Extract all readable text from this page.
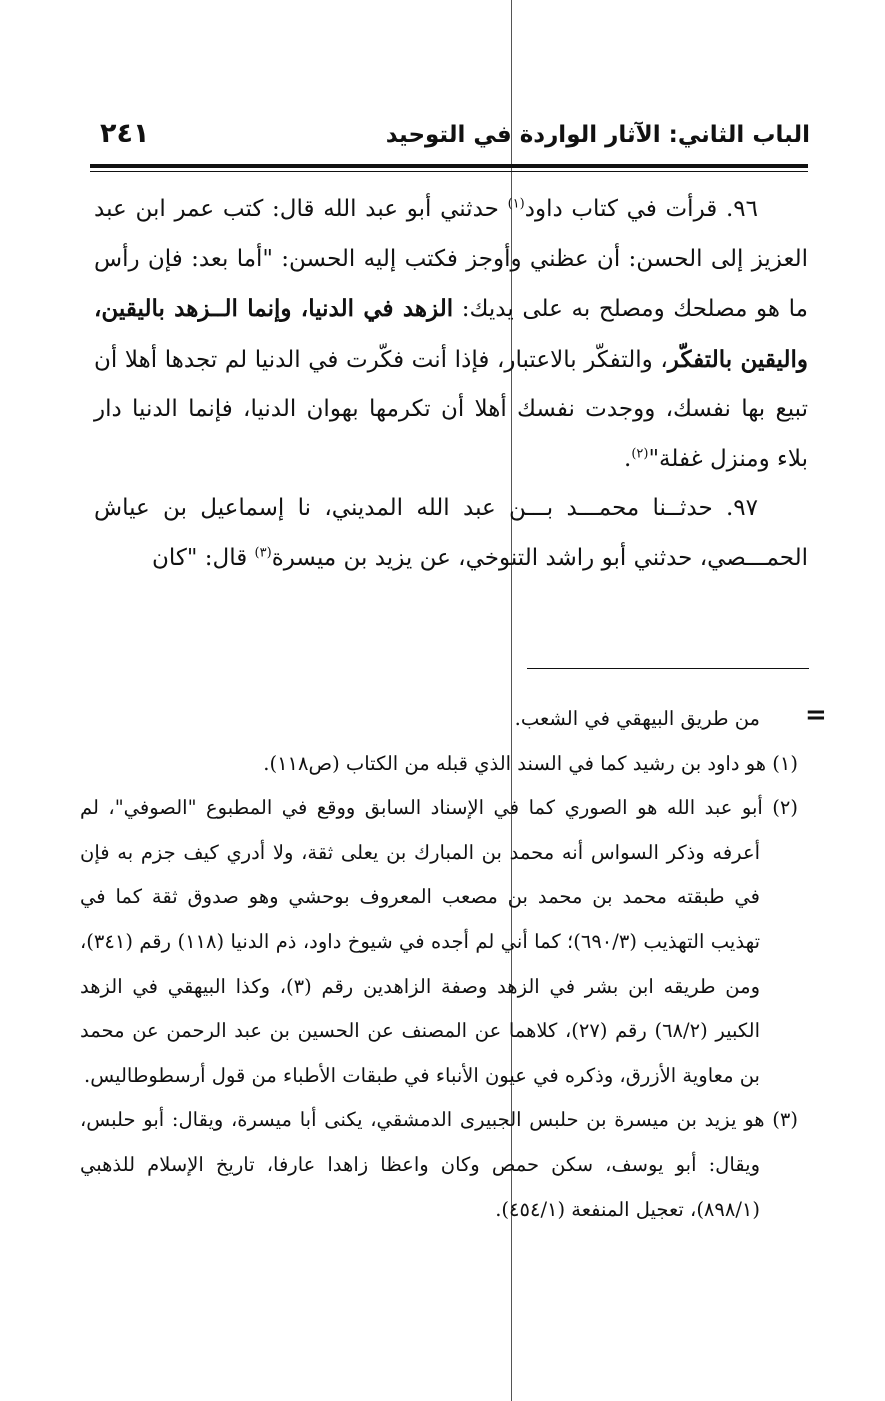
٢٤١	الباب الثاني: الآثار الواردة في التوحيد

٩٦. قرأت في كتاب داود$^{(١)}$ حدثني أبو عبد الله قال: كتب عمر ابن عبد العزيز إلى الحسن: أن عظني وأوجز فكتب إليه الحسن: "أما بعد: فإن رأس ما هو مصلحك ومصلح به على يديك: الزهد في الدنيا، وإنما الــزهد باليقين، واليقين بالتفكّر، والتفكّر بالاعتبار، فإذا أنت فكّرت في الدنيا لم تجدها أهلا أن تبيع بها نفسك، ووجدت نفسك أهلا أن تكرمها بهوان الدنيا، فإنما الدنيا دار بلاء ومنزل غفلة"$^{(٢)}$.

٩٧. حدثــنا محمـــد بـــن عبد الله المديني، نا إسماعيل بن عياش الحمـــصي، حدثني أبو راشد التنوخي، عن يزيد بن ميسرة$^{(٣)}$ قال: "كان

=

من طريق البيهقي في الشعب.

(١) هو داود بن رشيد كما في السند الذي قبله من الكتاب (ص١١٨).

(٢) أبو عبد الله هو الصوري كما في الإسناد السابق ووقع في المطبوع "الصوفي"، لم أعرفه وذكر السواس أنه محمد بن المبارك بن يعلى ثقة، ولا أدري كيف جزم به فإن في طبقته محمد بن محمد بن مصعب المعروف بوحشي وهو صدوق ثقة كما في تهذيب التهذيب (٦٩٠/٣)؛ كما أني لم أجده في شيوخ داود، ذم الدنيا (١١٨) رقم (٣٤١)، ومن طريقه ابن بشر في الزهد وصفة الزاهدين رقم (٣)، وكذا البيهقي في الزهد الكبير (٦٨/٢) رقم (٢٧)، كلاهما عن المصنف عن الحسين بن عبد الرحمن عن محمد بن معاوية الأزرق، وذكره في عيون الأنباء في طبقات الأطباء من قول أرسطوطاليس.

(٣) هو يزيد بن ميسرة بن حلبس الجبيرى الدمشقي، يكنى أبا ميسرة، ويقال: أبو حلبس، ويقال: أبو يوسف، سكن حمص وكان واعظا زاهدا عارفا، تاريخ الإسلام للذهبي (٨٩٨/١)، تعجيل المنفعة (٤٥٤/١).
